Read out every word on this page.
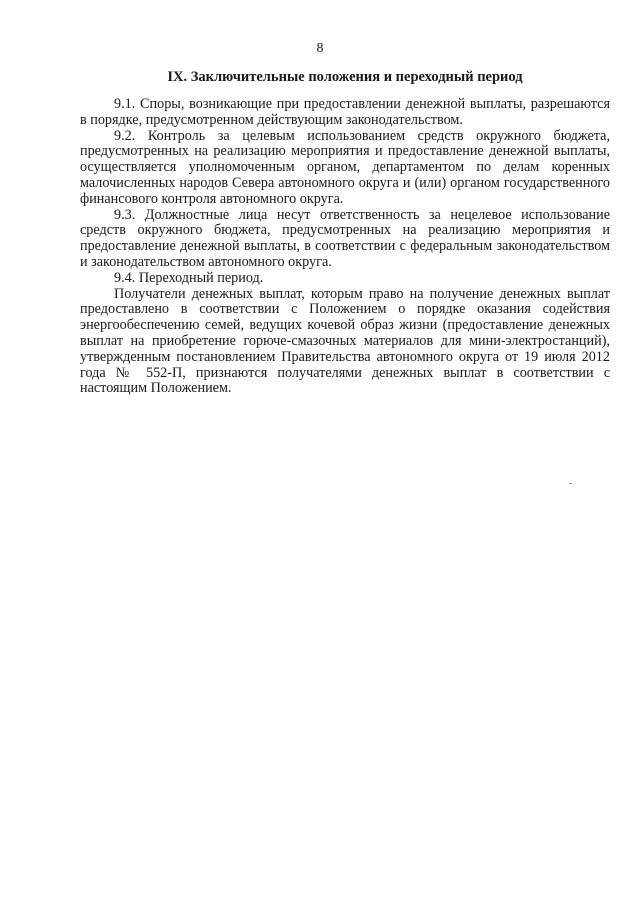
8
IX. Заключительные положения и переходный период

9.1. Споры, возникающие при предоставлении денежной выплаты, разрешаются в порядке, предусмотренном действующим законодательством.

9.2. Контроль за целевым использованием средств окружного бюджета, предусмотренных на реализацию мероприятия и предоставление денежной выплаты, осуществляется уполномоченным органом, департаментом по делам коренных малочисленных народов Севера автономного округа и (или) органом государственного финансового контроля автономного округа.

9.3. Должностные лица несут ответственность за нецелевое использование средств окружного бюджета, предусмотренных на реализацию мероприятия и предоставление денежной выплаты, в соответствии с федеральным законодательством и законодательством автономного округа.

9.4. Переходный период.

Получатели денежных выплат, которым право на получение денежных выплат предоставлено в соответствии с Положением о порядке оказания содействия энергообеспечению семей, ведущих кочевой образ жизни (предоставление денежных выплат на приобретение горюче-смазочных материалов для мини-электростанций), утвержденным постановлением Правительства автономного округа от 19 июля 2012 года № 552-П, признаются получателями денежных выплат в соответствии с настоящим Положением.
